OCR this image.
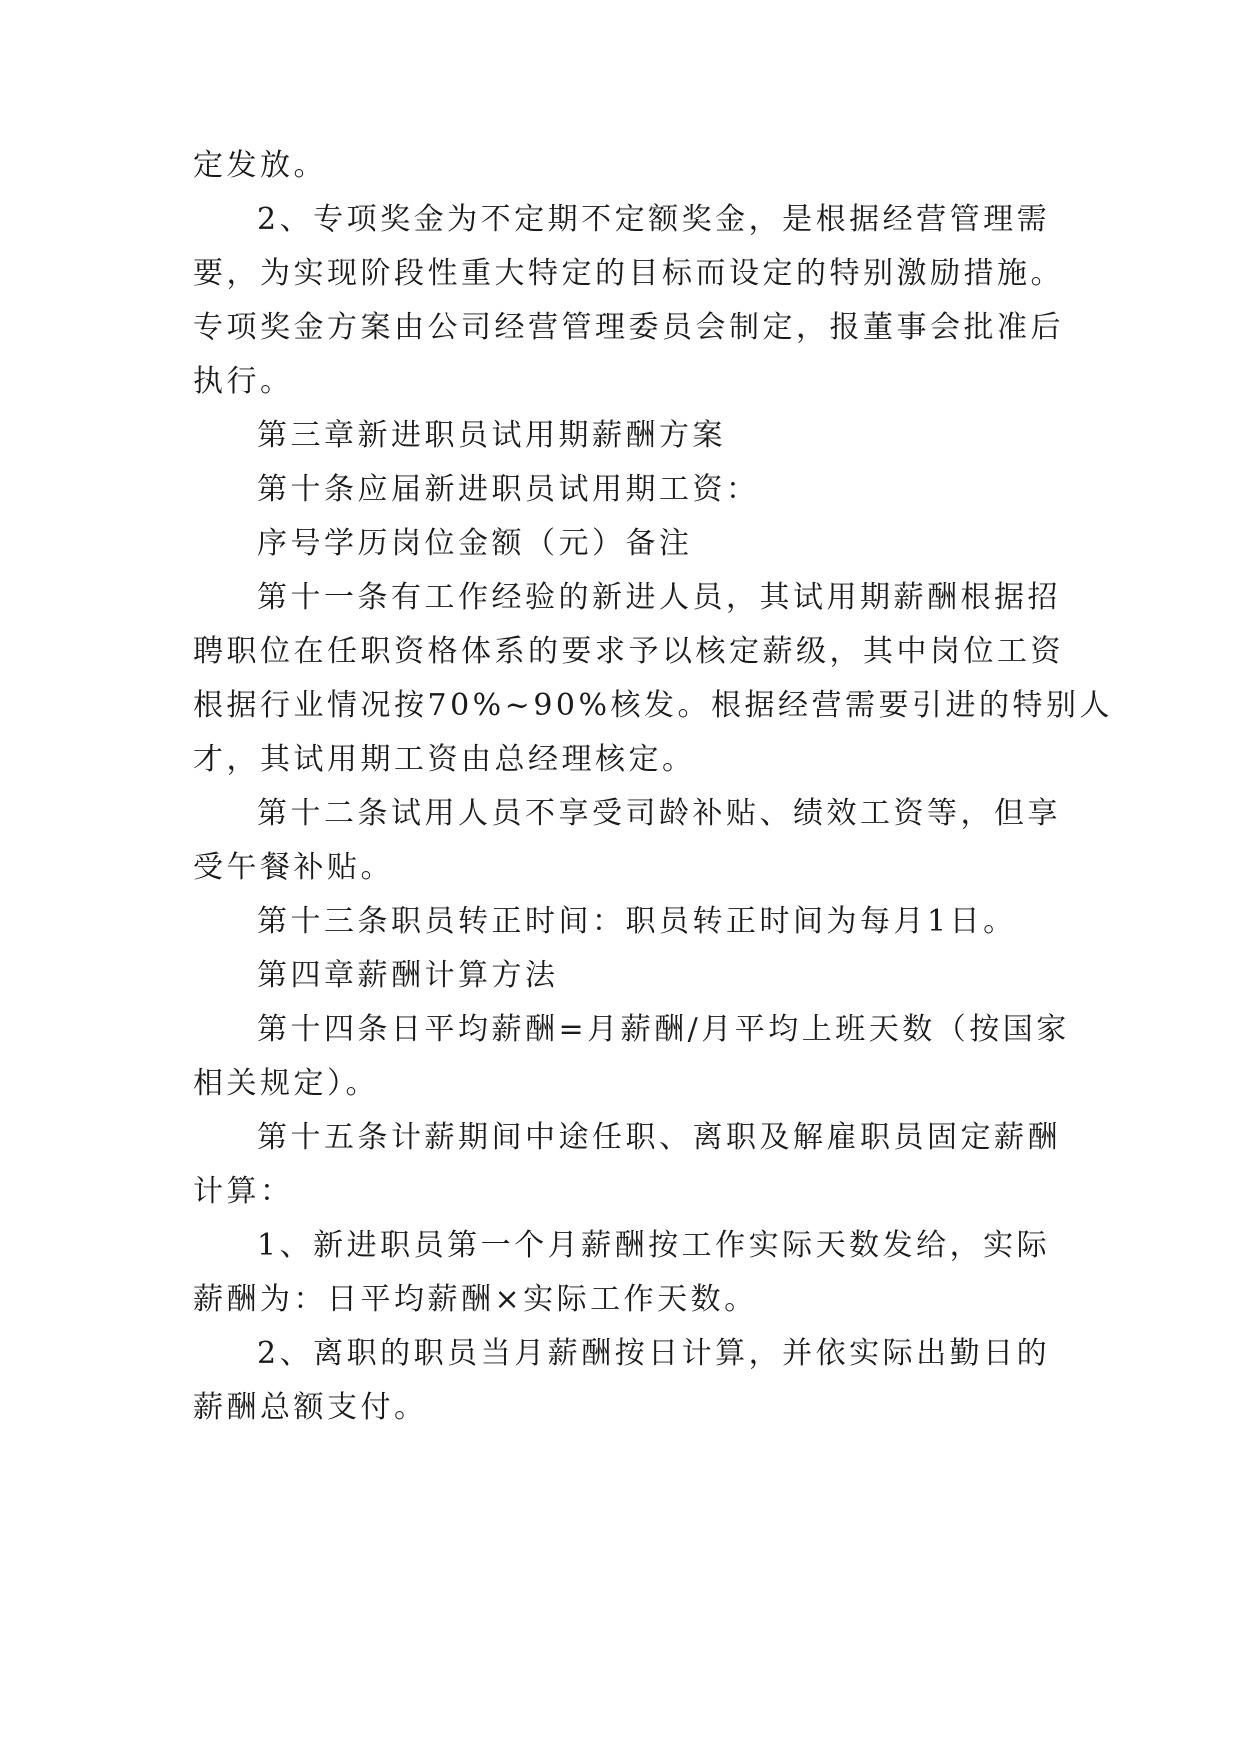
定发放。
2、专项奖金为不定期不定额奖金，是根据经营管理需
要，为实现阶段性重大特定的目标而设定的特别激励措施。
专项奖金方案由公司经营管理委员会制定，报董事会批准后
执行。
第三章新进职员试用期薪酬方案
第十条应届新进职员试用期工资：
序号学历岗位金额（元）备注
第十一条有工作经验的新进人员，其试用期薪酬根据招
聘职位在任职资格体系的要求予以核定薪级，其中岗位工资
根据行业情况按70%~90%核发。根据经营需要引进的特别人
才，其试用期工资由总经理核定。
第十二条试用人员不享受司龄补贴、绩效工资等，但享
受午餐补贴。
第十三条职员转正时间：职员转正时间为每月1日。
第四章薪酬计算方法
第十四条日平均薪酬=月薪酬/月平均上班天数（按国家
相关规定）。
第十五条计薪期间中途任职、离职及解雇职员固定薪酬
计算：
1、新进职员第一个月薪酬按工作实际天数发给，实际
薪酬为：日平均薪酬×实际工作天数。
2、离职的职员当月薪酬按日计算，并依实际出勤日的
薪酬总额支付。
